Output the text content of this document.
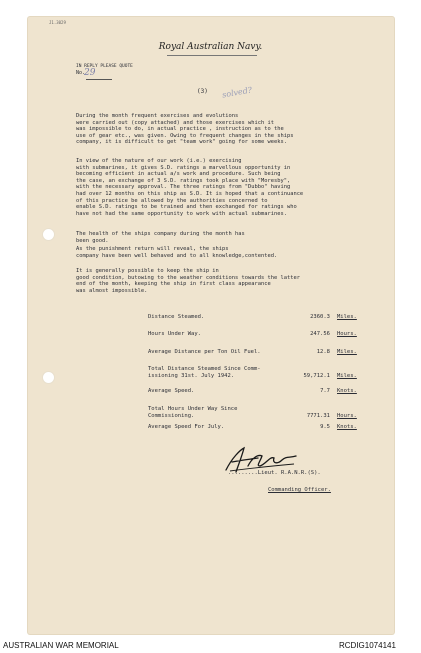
J1.3029
Royal Australian Navy.
IN REPLY PLEASE QUOTE
No.
29
(3) solved?
During the month frequent exercises and evolutions
were carried out (copy attached) and those exercises which it
was impossible to do, in actual practice , instruction as to the
use of gear etc., was given. Owing to frequent changes in the ships
company, it is difficult to get "team work" going for some weeks.
In view of the nature of our work (i.e.) exercising
with submarines, it gives S.D. ratings a marvellous opportunity in
becoming efficient in actual a/s work and procedure. Such being
the case, an exchange of 3 S.D. ratings took place with "Moresby",
with the necessary approval. The three ratings from "Dubbo" having
had over 12 months on this ship as S.D. It is hoped that a continuance
of this practice be allowed by the authorities concerned to
enable S.D. ratings to be trained and then exchanged for ratings who
have not had the same opportunity to work with actual submarines.
The health of the ships company during the month has
been good.
As the punishment return will reveal, the ships
company have been well behaved and to all knowledge,contented.
It is generally possible to keep the ship in
good condition, butowing to the weather conditions towards the latter
end of the month, keeping the ship in first class appearance
was almost impossible.
Distance Steamed.	2360.3 Miles.
Hours Under Way.	247.56 Hours.
Average Distance per Ton Oil Fuel.	12.8 Miles.
Total Distance Steamed Since Comm-
issioning 31st. July 1942.	59,712.1 Miles.
Average Speed.	7.7 Knots.
Total Hours Under Way Since
Commissioning.	7771.31 Hours.
Average Speed For July.	9.5 Knots.
.........Lieut. R.A.N.R.(S).
Commanding Officer.
AUSTRALIAN WAR MEMORIAL	RCDIG1074141
